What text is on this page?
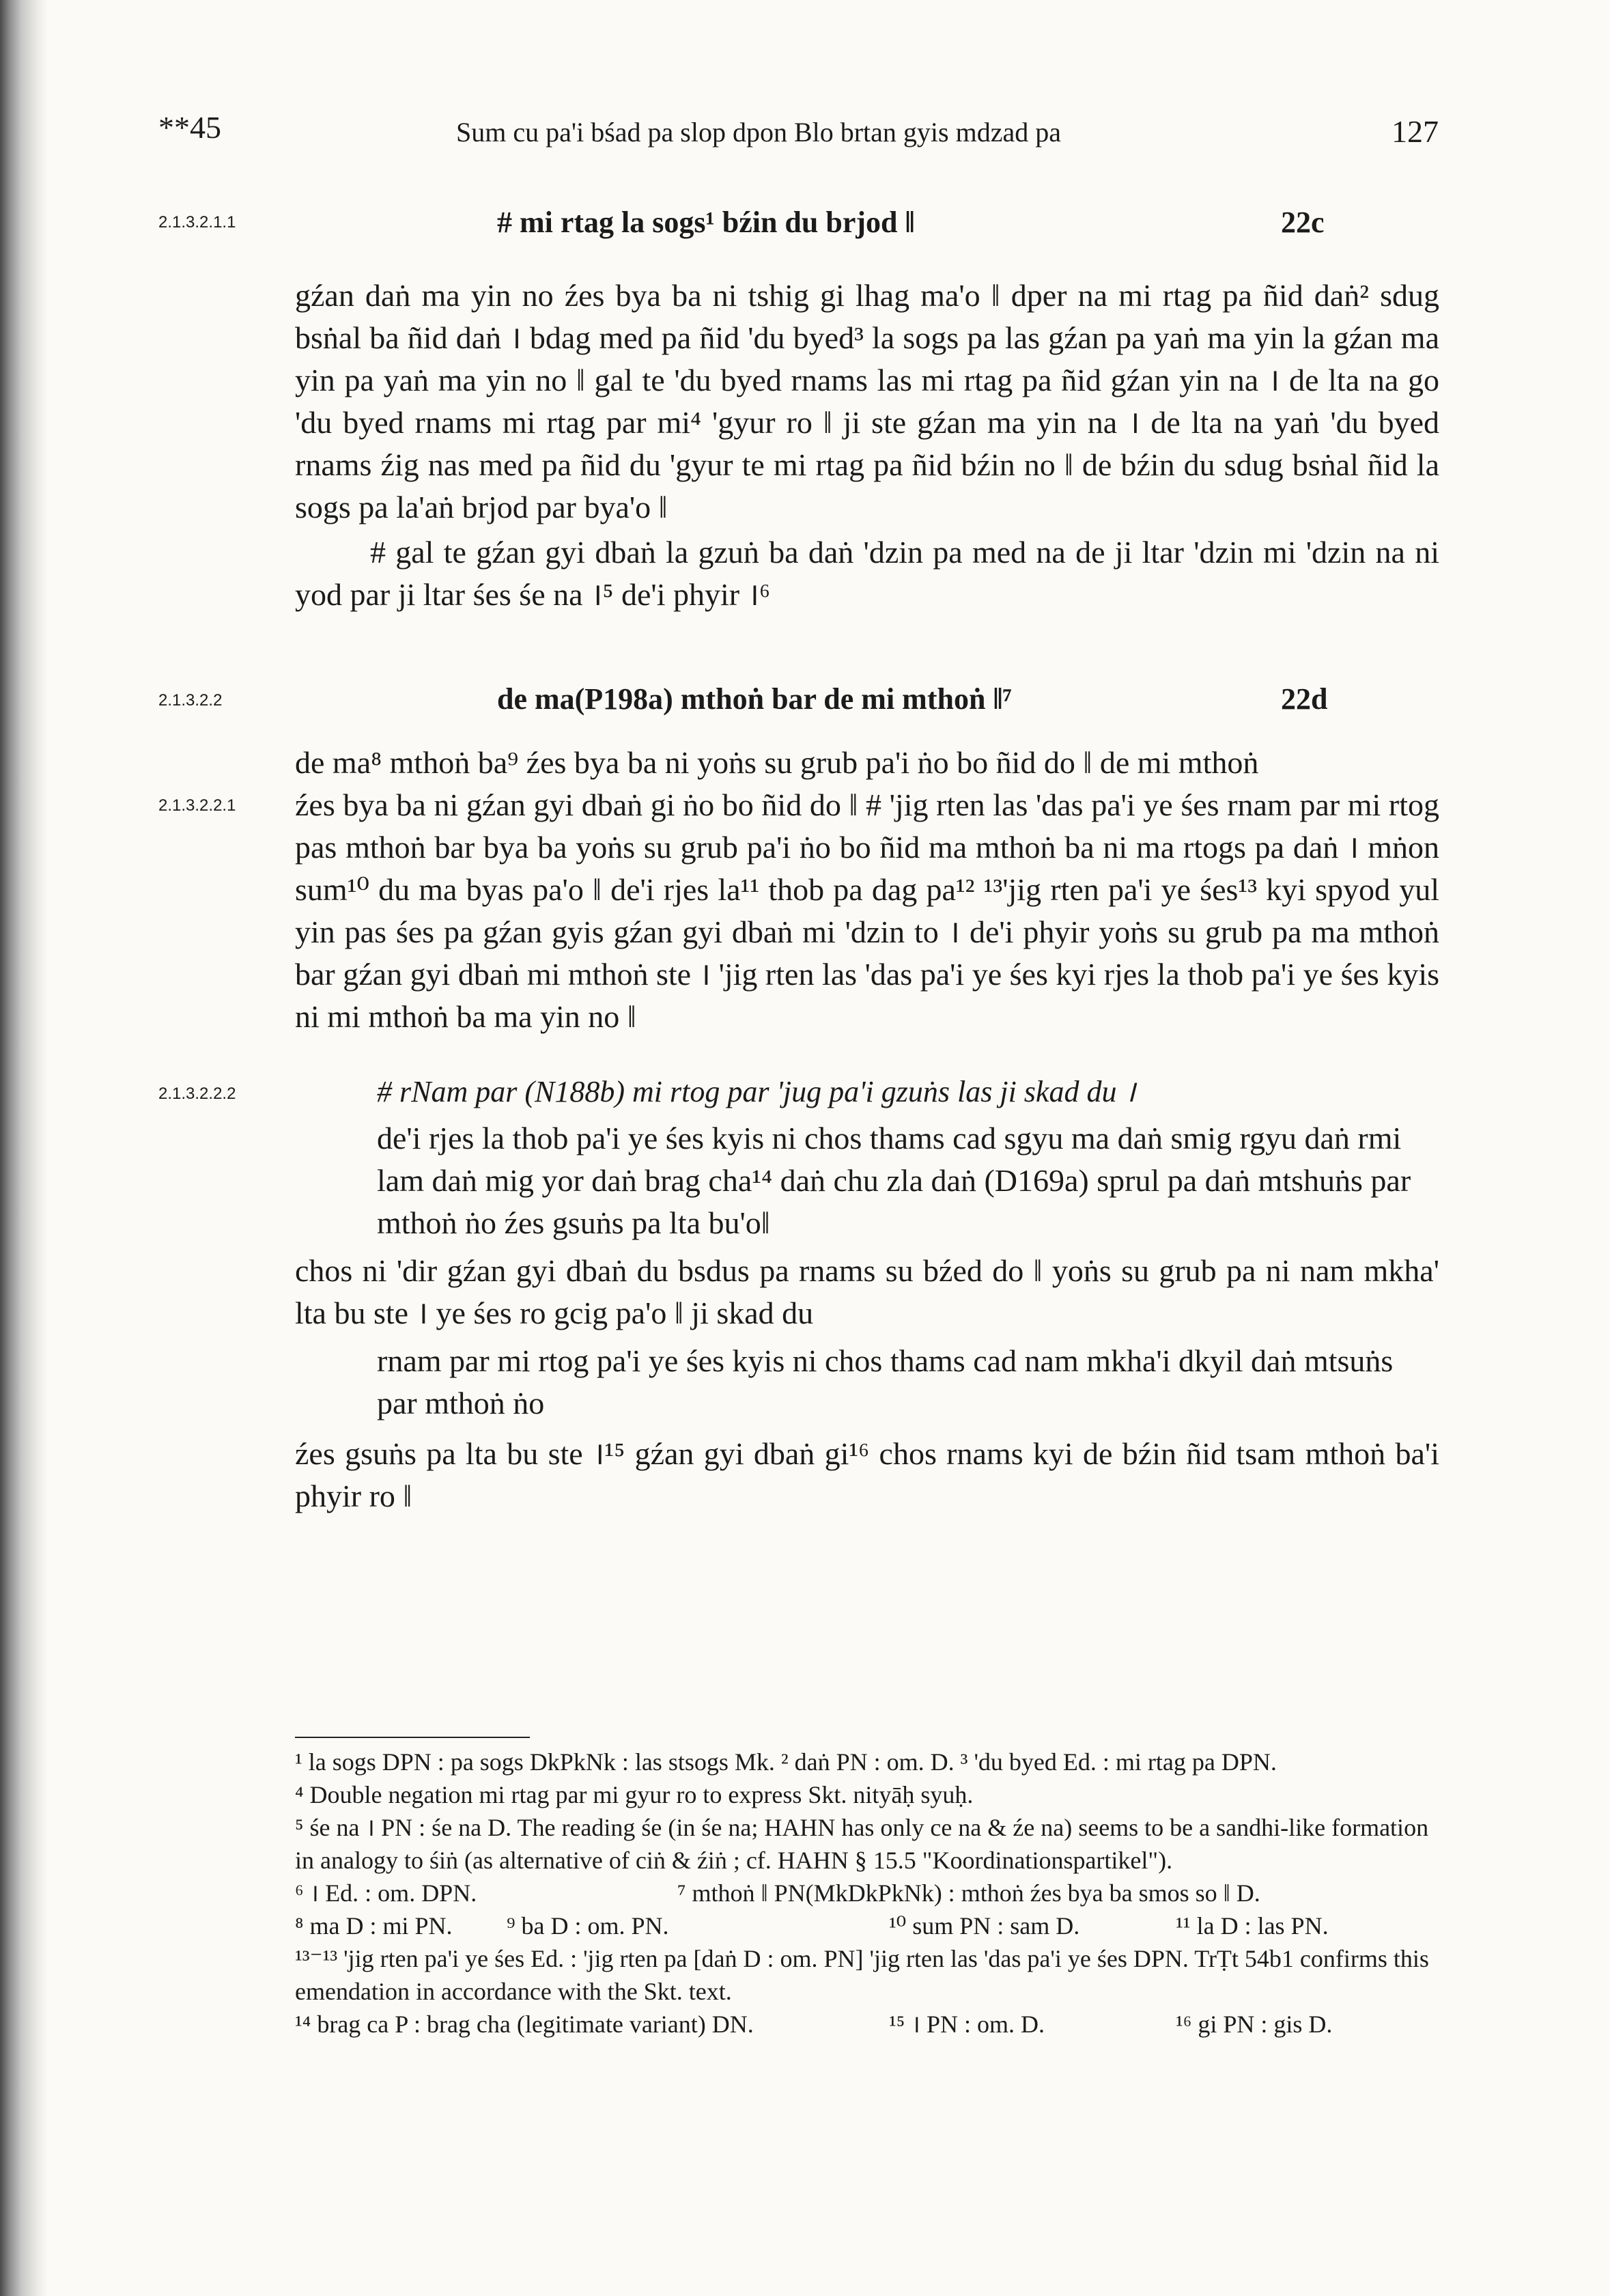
**45	Sum cu pa'i bśad pa slop dpon Blo brtan gyis mdzad pa	127
2.1.3.2.1.1	# mi rtag la sogs¹ bźin du brjod ǁ	22c

gźan daṅ ma yin no źes bya ba ni tshig gi lhag ma'o ǁ dper na mi rtag pa ñid daṅ² sdug bsṅal ba ñid daṅ । bdag med pa ñid 'du byed³ la sogs pa las gźan pa yaṅ ma yin la gźan ma yin pa yaṅ ma yin no ǁ gal te 'du byed rnams las mi rtag pa ñid gźan yin na । de lta na go 'du byed rnams mi rtag par mi⁴ 'gyur ro ǁ ji ste gźan ma yin na । de lta na yaṅ 'du byed rnams źig nas med pa ñid du 'gyur te mi rtag pa ñid bźin no ǁ de bźin du sdug bsṅal ñid la sogs pa la'aṅ brjod par bya'o ǁ

# gal te gźan gyi dbaṅ la gzuṅ ba daṅ 'dzin pa med na de ji ltar 'dzin mi 'dzin na ni yod par ji ltar śes śe na ।⁵ de'i phyir ।⁶

2.1.3.2.2	de ma(P198a) mthoṅ bar de mi mthoṅ ǁ⁷	22d
de ma⁸ mthoṅ ba⁹ źes bya ba ni yoṅs su grub pa'i ṅo bo ñid do ǁ de mi mthoṅ
2.1.3.2.2.1 źes bya ba ni gźan gyi dbaṅ gi ṅo bo ñid do ǁ # 'jig rten las 'das pa'i ye śes rnam par mi rtog pas mthoṅ bar bya ba yoṅs su grub pa'i ṅo bo ñid ma mthoṅ ba ni ma rtogs pa daṅ । mṅon sum¹⁰ du ma byas pa'o ǁ de'i rjes la¹¹ thob pa dag pa¹² ¹³'jig rten pa'i ye śes¹³ kyi spyod yul yin pas śes pa gźan gyis gźan gyi dbaṅ mi 'dzin to । de'i phyir yoṅs su grub pa ma mthoṅ bar gźan gyi dbaṅ mi mthoṅ ste । 'jig rten las 'das pa'i ye śes kyi rjes la thob pa'i ye śes kyis ni mi mthoṅ ba ma yin no ǁ

2.1.3.2.2.2	# rNam par (N188b) mi rtog par 'jug pa'i gzuṅs las ji skad du ।

de'i rjes la thob pa'i ye śes kyis ni chos thams cad sgyu ma daṅ smig rgyu daṅ rmi lam daṅ mig yor daṅ brag cha¹⁴ daṅ chu zla daṅ (D169a) sprul pa daṅ mtshuṅs par mthoṅ ṅo źes gsuṅs pa lta bu'oǁ

chos ni 'dir gźan gyi dbaṅ du bsdus pa rnams su bźed do ǁ yoṅs su grub pa ni nam mkha' lta bu ste । ye śes ro gcig pa'o ǁ ji skad du

rnam par mi rtog pa'i ye śes kyis ni chos thams cad nam mkha'i dkyil daṅ mtsuṅs par mthoṅ ṅo

źes gsuṅs pa lta bu ste ।¹⁵ gźan gyi dbaṅ gi¹⁶ chos rnams kyi de bźin ñid tsam mthoṅ ba'i phyir ro ǁ

¹ la sogs DPN : pa sogs DkPkNk : las stsogs Mk. ² daṅ PN : om. D. ³ 'du byed Ed. : mi rtag pa DPN.

⁴ Double negation mi rtag par mi gyur ro to express Skt. nityāḥ syuḥ.

⁵ śe na । PN : śe na D. The reading śe (in śe na; HAHN has only ce na & źe na) seems to be a sandhi-like formation in analogy to śiṅ (as alternative of ciṅ & źiṅ ; cf. HAHN § 15.5 "Koordinationspartikel").

⁶ । Ed. : om. DPN.	⁷ mthoṅ ǁ PN(MkDkPkNk) : mthoṅ źes bya ba smos so ǁ D.
⁸ ma D : mi PN.	⁹ ba D : om. PN.	¹⁰ sum PN : sam D.	¹¹ la D : las PN.

¹³⁻¹³ 'jig rten pa'i ye śes Ed. : 'jig rten pa [daṅ D : om. PN] 'jig rten las 'das pa'i ye śes DPN. TrṬt 54b1 confirms this emendation in accordance with the Skt. text.

¹⁴ brag ca P : brag cha (legitimate variant) DN.	¹⁵ । PN : om. D.	¹⁶ gi PN : gis D.
